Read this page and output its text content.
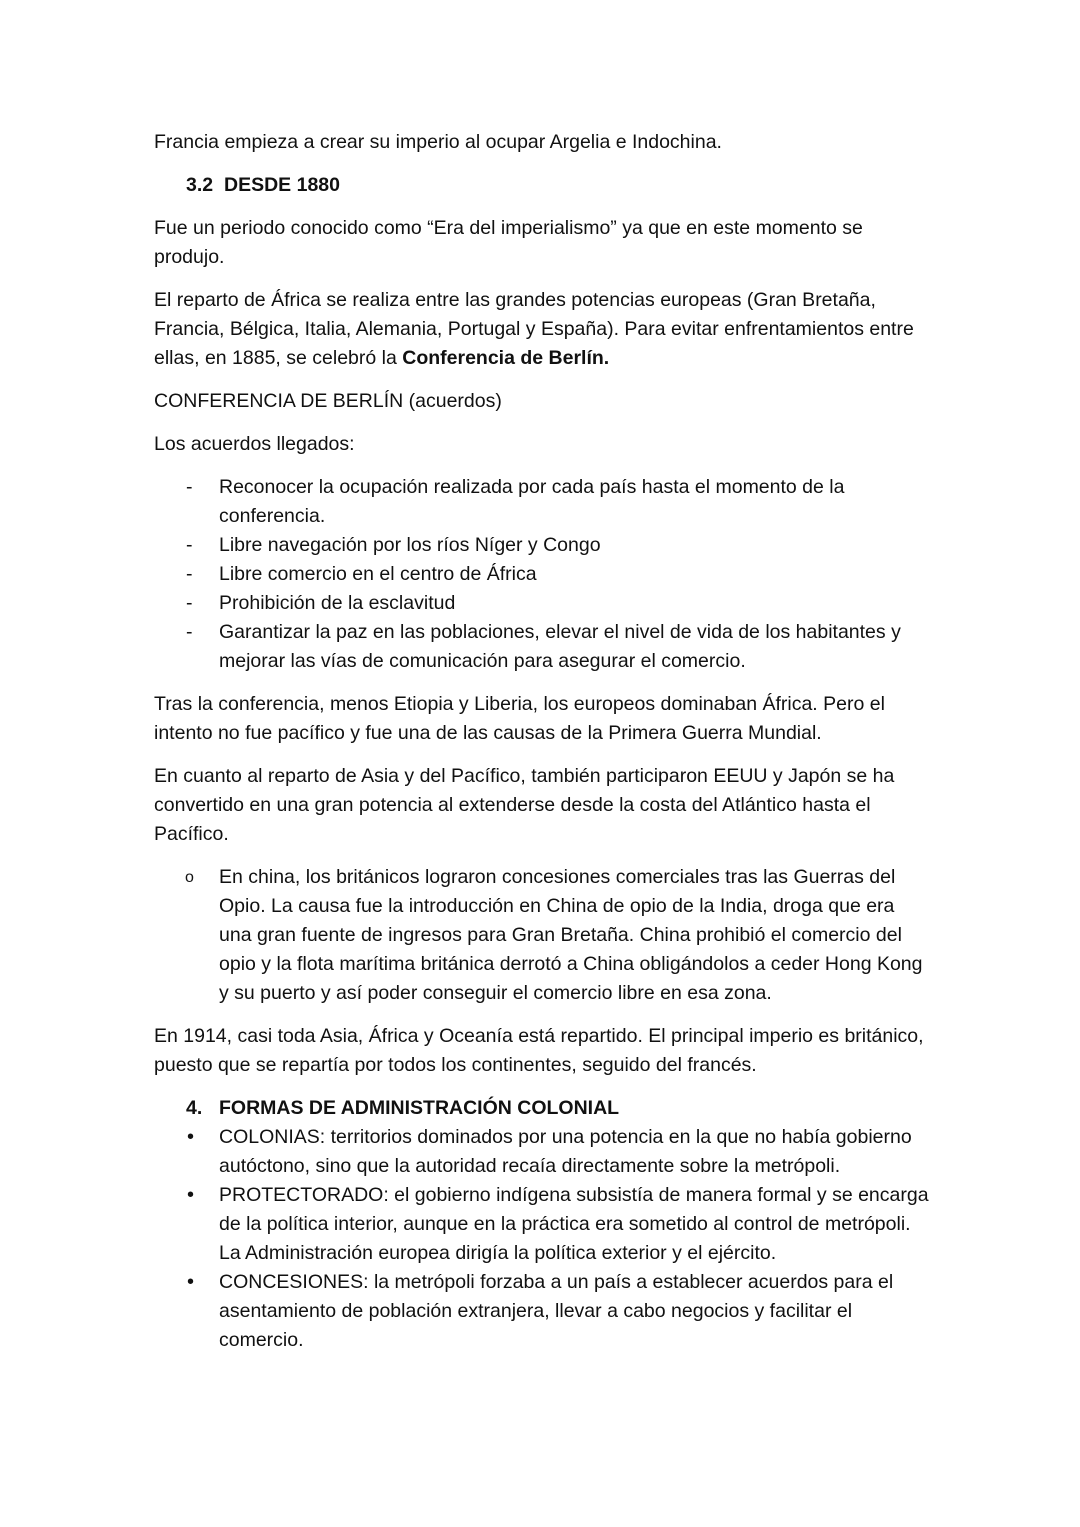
Francia empieza a crear su imperio al ocupar Argelia e Indochina.

3.2 DESDE 1880

Fue un periodo conocido como “Era del imperialismo” ya que en este momento se produjo.

El reparto de África se realiza entre las grandes potencias europeas (Gran Bretaña, Francia, Bélgica, Italia, Alemania, Portugal y España). Para evitar enfrentamientos entre ellas, en 1885, se celebró la Conferencia de Berlín.

CONFERENCIA DE BERLÍN (acuerdos)

Los acuerdos llegados:

-	Reconocer la ocupación realizada por cada país hasta el momento de la conferencia.
-	Libre navegación por los ríos Níger y Congo
-	Libre comercio en el centro de África
-	Prohibición de la esclavitud
-	Garantizar la paz en las poblaciones, elevar el nivel de vida de los habitantes y mejorar las vías de comunicación para asegurar el comercio.

Tras la conferencia, menos Etiopia y Liberia, los europeos dominaban África. Pero el intento no fue pacífico y fue una de las causas de la Primera Guerra Mundial.

En cuanto al reparto de Asia y del Pacífico, también participaron EEUU y Japón se ha convertido en una gran potencia al extenderse desde la costa del Atlántico hasta el Pacífico.

o	En china, los británicos lograron concesiones comerciales tras las Guerras del Opio. La causa fue la introducción en China de opio de la India, droga que era una gran fuente de ingresos para Gran Bretaña. China prohibió el comercio del opio y la flota marítima británica derrotó a China obligándolos a ceder Hong Kong y su puerto y así poder conseguir el comercio libre en esa zona.

En 1914, casi toda Asia, África y Oceanía está repartido. El principal imperio es británico, puesto que se repartía por todos los continentes, seguido del francés.

4. FORMAS DE ADMINISTRACIÓN COLONIAL
•	COLONIAS: territorios dominados por una potencia en la que no había gobierno autóctono, sino que la autoridad recaía directamente sobre la metrópoli.
•	PROTECTORADO: el gobierno indígena subsistía de manera formal y se encarga de la política interior, aunque en la práctica era sometido al control de metrópoli. La Administración europea dirigía la política exterior y el ejército.
•	CONCESIONES: la metrópoli forzaba a un país a establecer acuerdos para el asentamiento de población extranjera, llevar a cabo negocios y facilitar el comercio.
